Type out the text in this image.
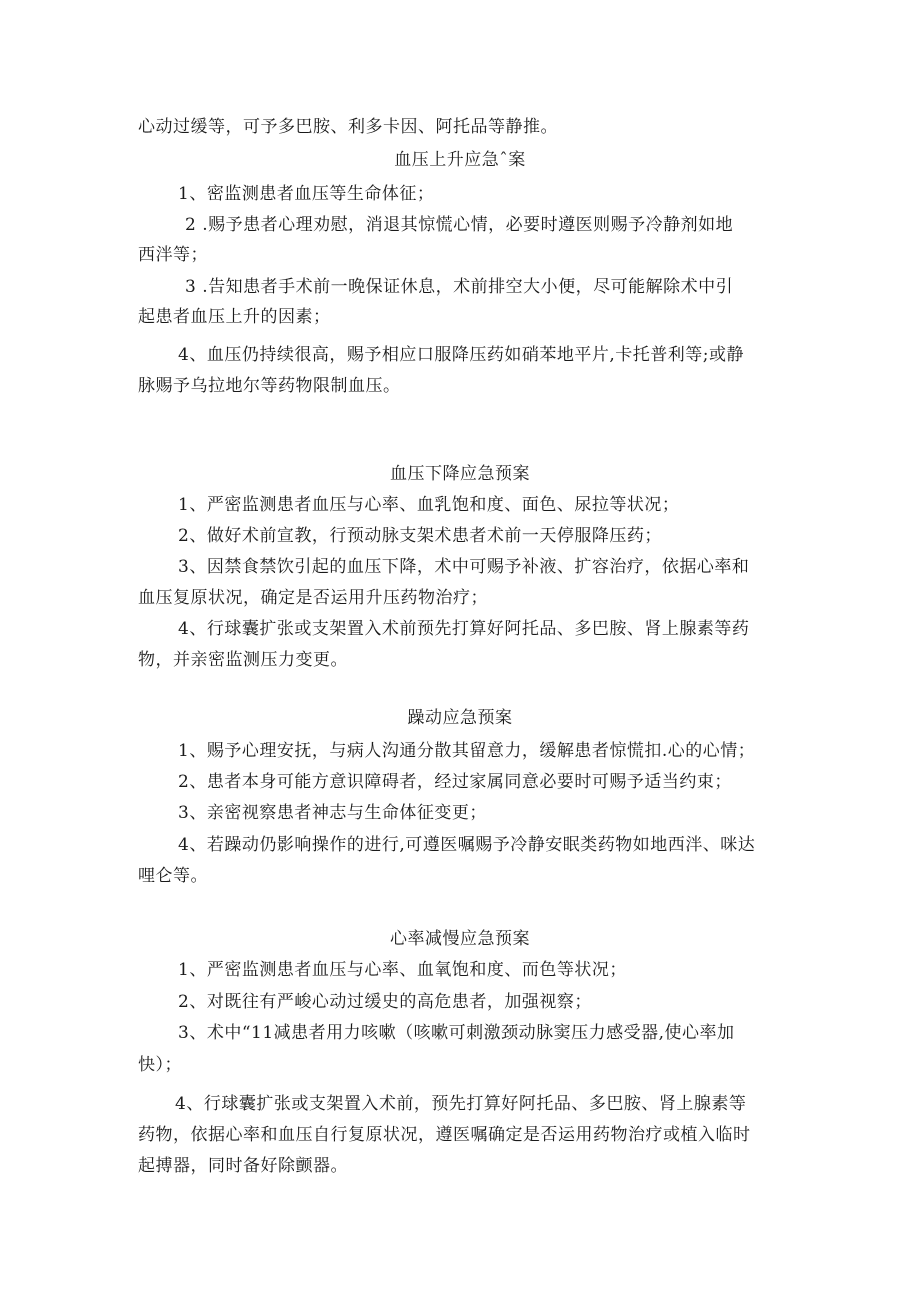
心动过缓等，可予多巴胺、利多卡因、阿托品等静推。
血压上升应急ˆ案
1、密监测患者血压等生命体征；
2 .赐予患者心理劝慰，消退其惊慌心情，必要时遵医则赐予冷静剂如地
西泮等；
3 .告知患者手术前一晚保证休息，术前排空大小便，尽可能解除术中引
起患者血压上升的因素；
4、血压仍持续很高，赐予相应口服降压药如硝苯地平片,卡托普利等;或静
脉赐予乌拉地尔等药物限制血压。
血压下降应急预案
1、严密监测患者血压与心率、血乳饱和度、面色、尿拉等状况；
2、做好术前宣教，行预动脉支架术患者术前一天停服降压药；
3、因禁食禁饮引起的血压下降，术中可赐予补液、扩容治疗，依据心率和
血压复原状况，确定是否运用升压药物治疗；
4、行球囊扩张或支架置入术前预先打算好阿托品、多巴胺、肾上腺素等药
物，并亲密监测压力变更。
躁动应急预案
1、赐予心理安抚，与病人沟通分散其留意力，缓解患者惊慌扣.心的心情；
2、患者本身可能方意识障碍者，经过家属同意必要时可赐予适当约束；
3、亲密视察患者神志与生命体征变更；
4、若躁动仍影响操作的进行,可遵医嘱赐予冷静安眠类药物如地西泮、咪达
哩仑等。
心率减慢应急预案
1、严密监测患者血压与心率、血氧饱和度、而色等状况；
2、对既往有严峻心动过缓史的高危患者，加强视察；
3、术中“11减患者用力咳嗽（咳嗽可刺激颈动脉窦压力感受器,使心率加
快）；
4、行球囊扩张或支架置入术前，预先打算好阿托品、多巴胺、肾上腺素等
药物，依据心率和血压自行复原状况，遵医嘱确定是否运用药物治疗或植入临时
起搏器，同时备好除颤器。
